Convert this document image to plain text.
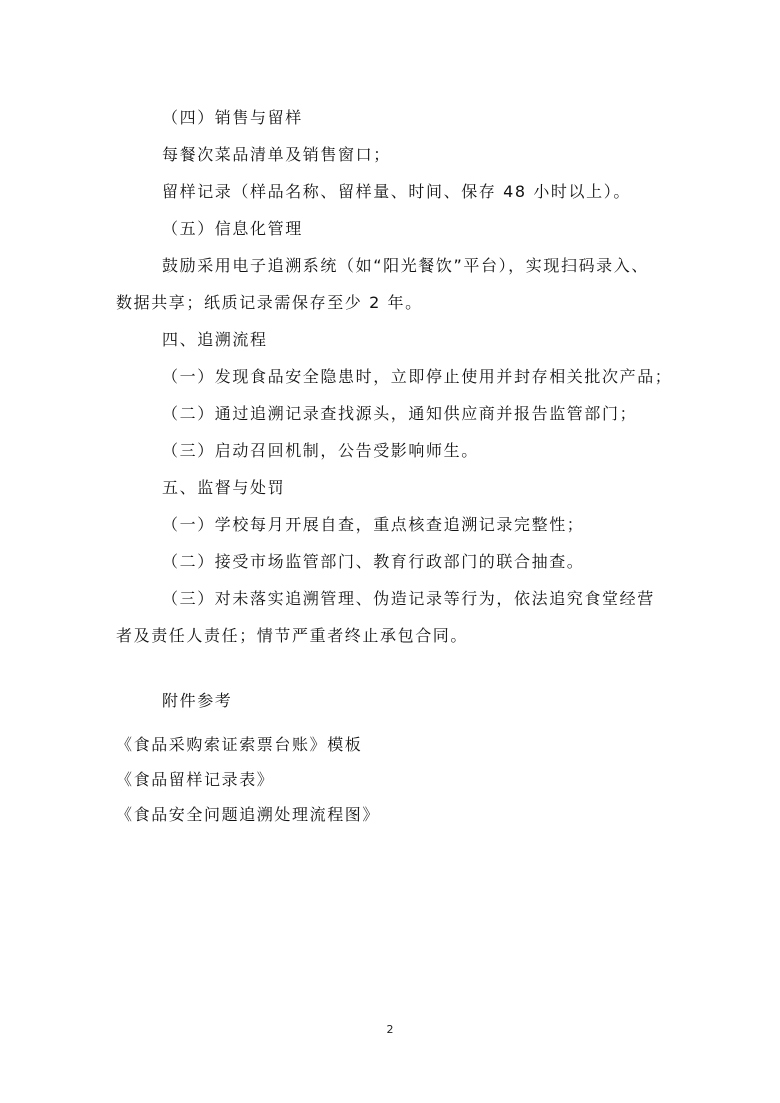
（四）销售与留样
每餐次菜品清单及销售窗口；
留样记录（样品名称、留样量、时间、保存 48 小时以上）。
（五）信息化管理
鼓励采用电子追溯系统（如“阳光餐饮”平台），实现扫码录入、
数据共享；纸质记录需保存至少 2 年。
四、追溯流程
（一）发现食品安全隐患时，立即停止使用并封存相关批次产品；
（二）通过追溯记录查找源头，通知供应商并报告监管部门；
（三）启动召回机制，公告受影响师生。
五、监督与处罚
（一）学校每月开展自查，重点核查追溯记录完整性；
（二）接受市场监管部门、教育行政部门的联合抽查。
（三）对未落实追溯管理、伪造记录等行为，依法追究食堂经营
者及责任人责任；情节严重者终止承包合同。
附件参考
《食品采购索证索票台账》模板
《食品留样记录表》
《食品安全问题追溯处理流程图》
2
